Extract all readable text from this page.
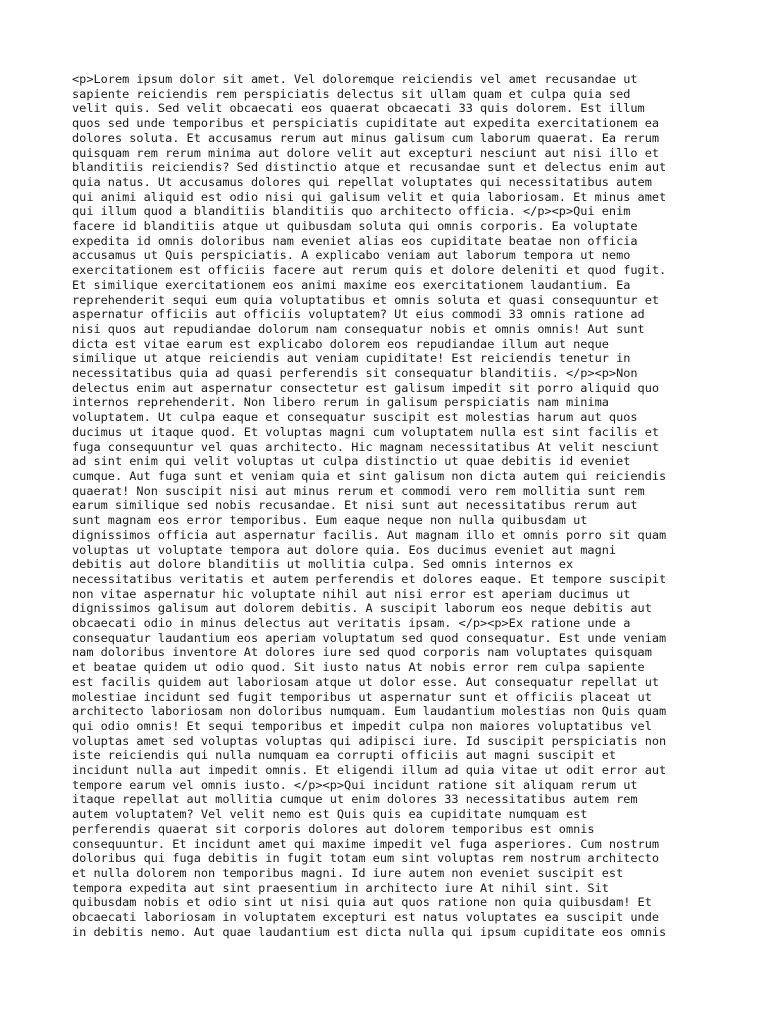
<p>Lorem ipsum dolor sit amet. Vel doloremque reiciendis vel amet recusandae ut
sapiente reiciendis rem perspiciatis delectus sit ullam quam et culpa quia sed
velit quis. Sed velit obcaecati eos quaerat obcaecati 33 quis dolorem. Est illum
quos sed unde temporibus et perspiciatis cupiditate aut expedita exercitationem ea
dolores soluta. Et accusamus rerum aut minus galisum cum laborum quaerat. Ea rerum
quisquam rem rerum minima aut dolore velit aut excepturi nesciunt aut nisi illo et
blanditiis reiciendis? Sed distinctio atque et recusandae sunt et delectus enim aut
quia natus. Ut accusamus dolores qui repellat voluptates qui necessitatibus autem
qui animi aliquid est odio nisi qui galisum velit et quia laboriosam. Et minus amet
qui illum quod a blanditiis blanditiis quo architecto officia. </p><p>Qui enim
facere id blanditiis atque ut quibusdam soluta qui omnis corporis. Ea voluptate
expedita id omnis doloribus nam eveniet alias eos cupiditate beatae non officia
accusamus ut Quis perspiciatis. A explicabo veniam aut laborum tempora ut nemo
exercitationem est officiis facere aut rerum quis et dolore deleniti et quod fugit.
Et similique exercitationem eos animi maxime eos exercitationem laudantium. Ea
reprehenderit sequi eum quia voluptatibus et omnis soluta et quasi consequuntur et
aspernatur officiis aut officiis voluptatem? Ut eius commodi 33 omnis ratione ad
nisi quos aut repudiandae dolorum nam consequatur nobis et omnis omnis! Aut sunt
dicta est vitae earum est explicabo dolorem eos repudiandae illum aut neque
similique ut atque reiciendis aut veniam cupiditate! Est reiciendis tenetur in
necessitatibus quia ad quasi perferendis sit consequatur blanditiis. </p><p>Non
delectus enim aut aspernatur consectetur est galisum impedit sit porro aliquid quo
internos reprehenderit. Non libero rerum in galisum perspiciatis nam minima
voluptatem. Ut culpa eaque et consequatur suscipit est molestias harum aut quos
ducimus ut itaque quod. Et voluptas magni cum voluptatem nulla est sint facilis et
fuga consequuntur vel quas architecto. Hic magnam necessitatibus At velit nesciunt
ad sint enim qui velit voluptas ut culpa distinctio ut quae debitis id eveniet
cumque. Aut fuga sunt et veniam quia et sint galisum non dicta autem qui reiciendis
quaerat! Non suscipit nisi aut minus rerum et commodi vero rem mollitia sunt rem
earum similique sed nobis recusandae. Et nisi sunt aut necessitatibus rerum aut
sunt magnam eos error temporibus. Eum eaque neque non nulla quibusdam ut
dignissimos officia aut aspernatur facilis. Aut magnam illo et omnis porro sit quam
voluptas ut voluptate tempora aut dolore quia. Eos ducimus eveniet aut magni
debitis aut dolore blanditiis ut mollitia culpa. Sed omnis internos ex
necessitatibus veritatis et autem perferendis et dolores eaque. Et tempore suscipit
non vitae aspernatur hic voluptate nihil aut nisi error est aperiam ducimus ut
dignissimos galisum aut dolorem debitis. A suscipit laborum eos neque debitis aut
obcaecati odio in minus delectus aut veritatis ipsam. </p><p>Ex ratione unde a
consequatur laudantium eos aperiam voluptatum sed quod consequatur. Est unde veniam
nam doloribus inventore At dolores iure sed quod corporis nam voluptates quisquam
et beatae quidem ut odio quod. Sit iusto natus At nobis error rem culpa sapiente
est facilis quidem aut laboriosam atque ut dolor esse. Aut consequatur repellat ut
molestiae incidunt sed fugit temporibus ut aspernatur sunt et officiis placeat ut
architecto laboriosam non doloribus numquam. Eum laudantium molestias non Quis quam
qui odio omnis! Et sequi temporibus et impedit culpa non maiores voluptatibus vel
voluptas amet sed voluptas voluptas qui adipisci iure. Id suscipit perspiciatis non
iste reiciendis qui nulla numquam ea corrupti officiis aut magni suscipit et
incidunt nulla aut impedit omnis. Et eligendi illum ad quia vitae ut odit error aut
tempore earum vel omnis iusto. </p><p>Qui incidunt ratione sit aliquam rerum ut
itaque repellat aut mollitia cumque ut enim dolores 33 necessitatibus autem rem
autem voluptatem? Vel velit nemo est Quis quis ea cupiditate numquam est
perferendis quaerat sit corporis dolores aut dolorem temporibus est omnis
consequuntur. Et incidunt amet qui maxime impedit vel fuga asperiores. Cum nostrum
doloribus qui fuga debitis in fugit totam eum sint voluptas rem nostrum architecto
et nulla dolorem non temporibus magni. Id iure autem non eveniet suscipit est
tempora expedita aut sint praesentium in architecto iure At nihil sint. Sit
quibusdam nobis et odio sint ut nisi quia aut quos ratione non quia quibusdam! Et
obcaecati laboriosam in voluptatem excepturi est natus voluptates ea suscipit unde
in debitis nemo. Aut quae laudantium est dicta nulla qui ipsum cupiditate eos omnis
